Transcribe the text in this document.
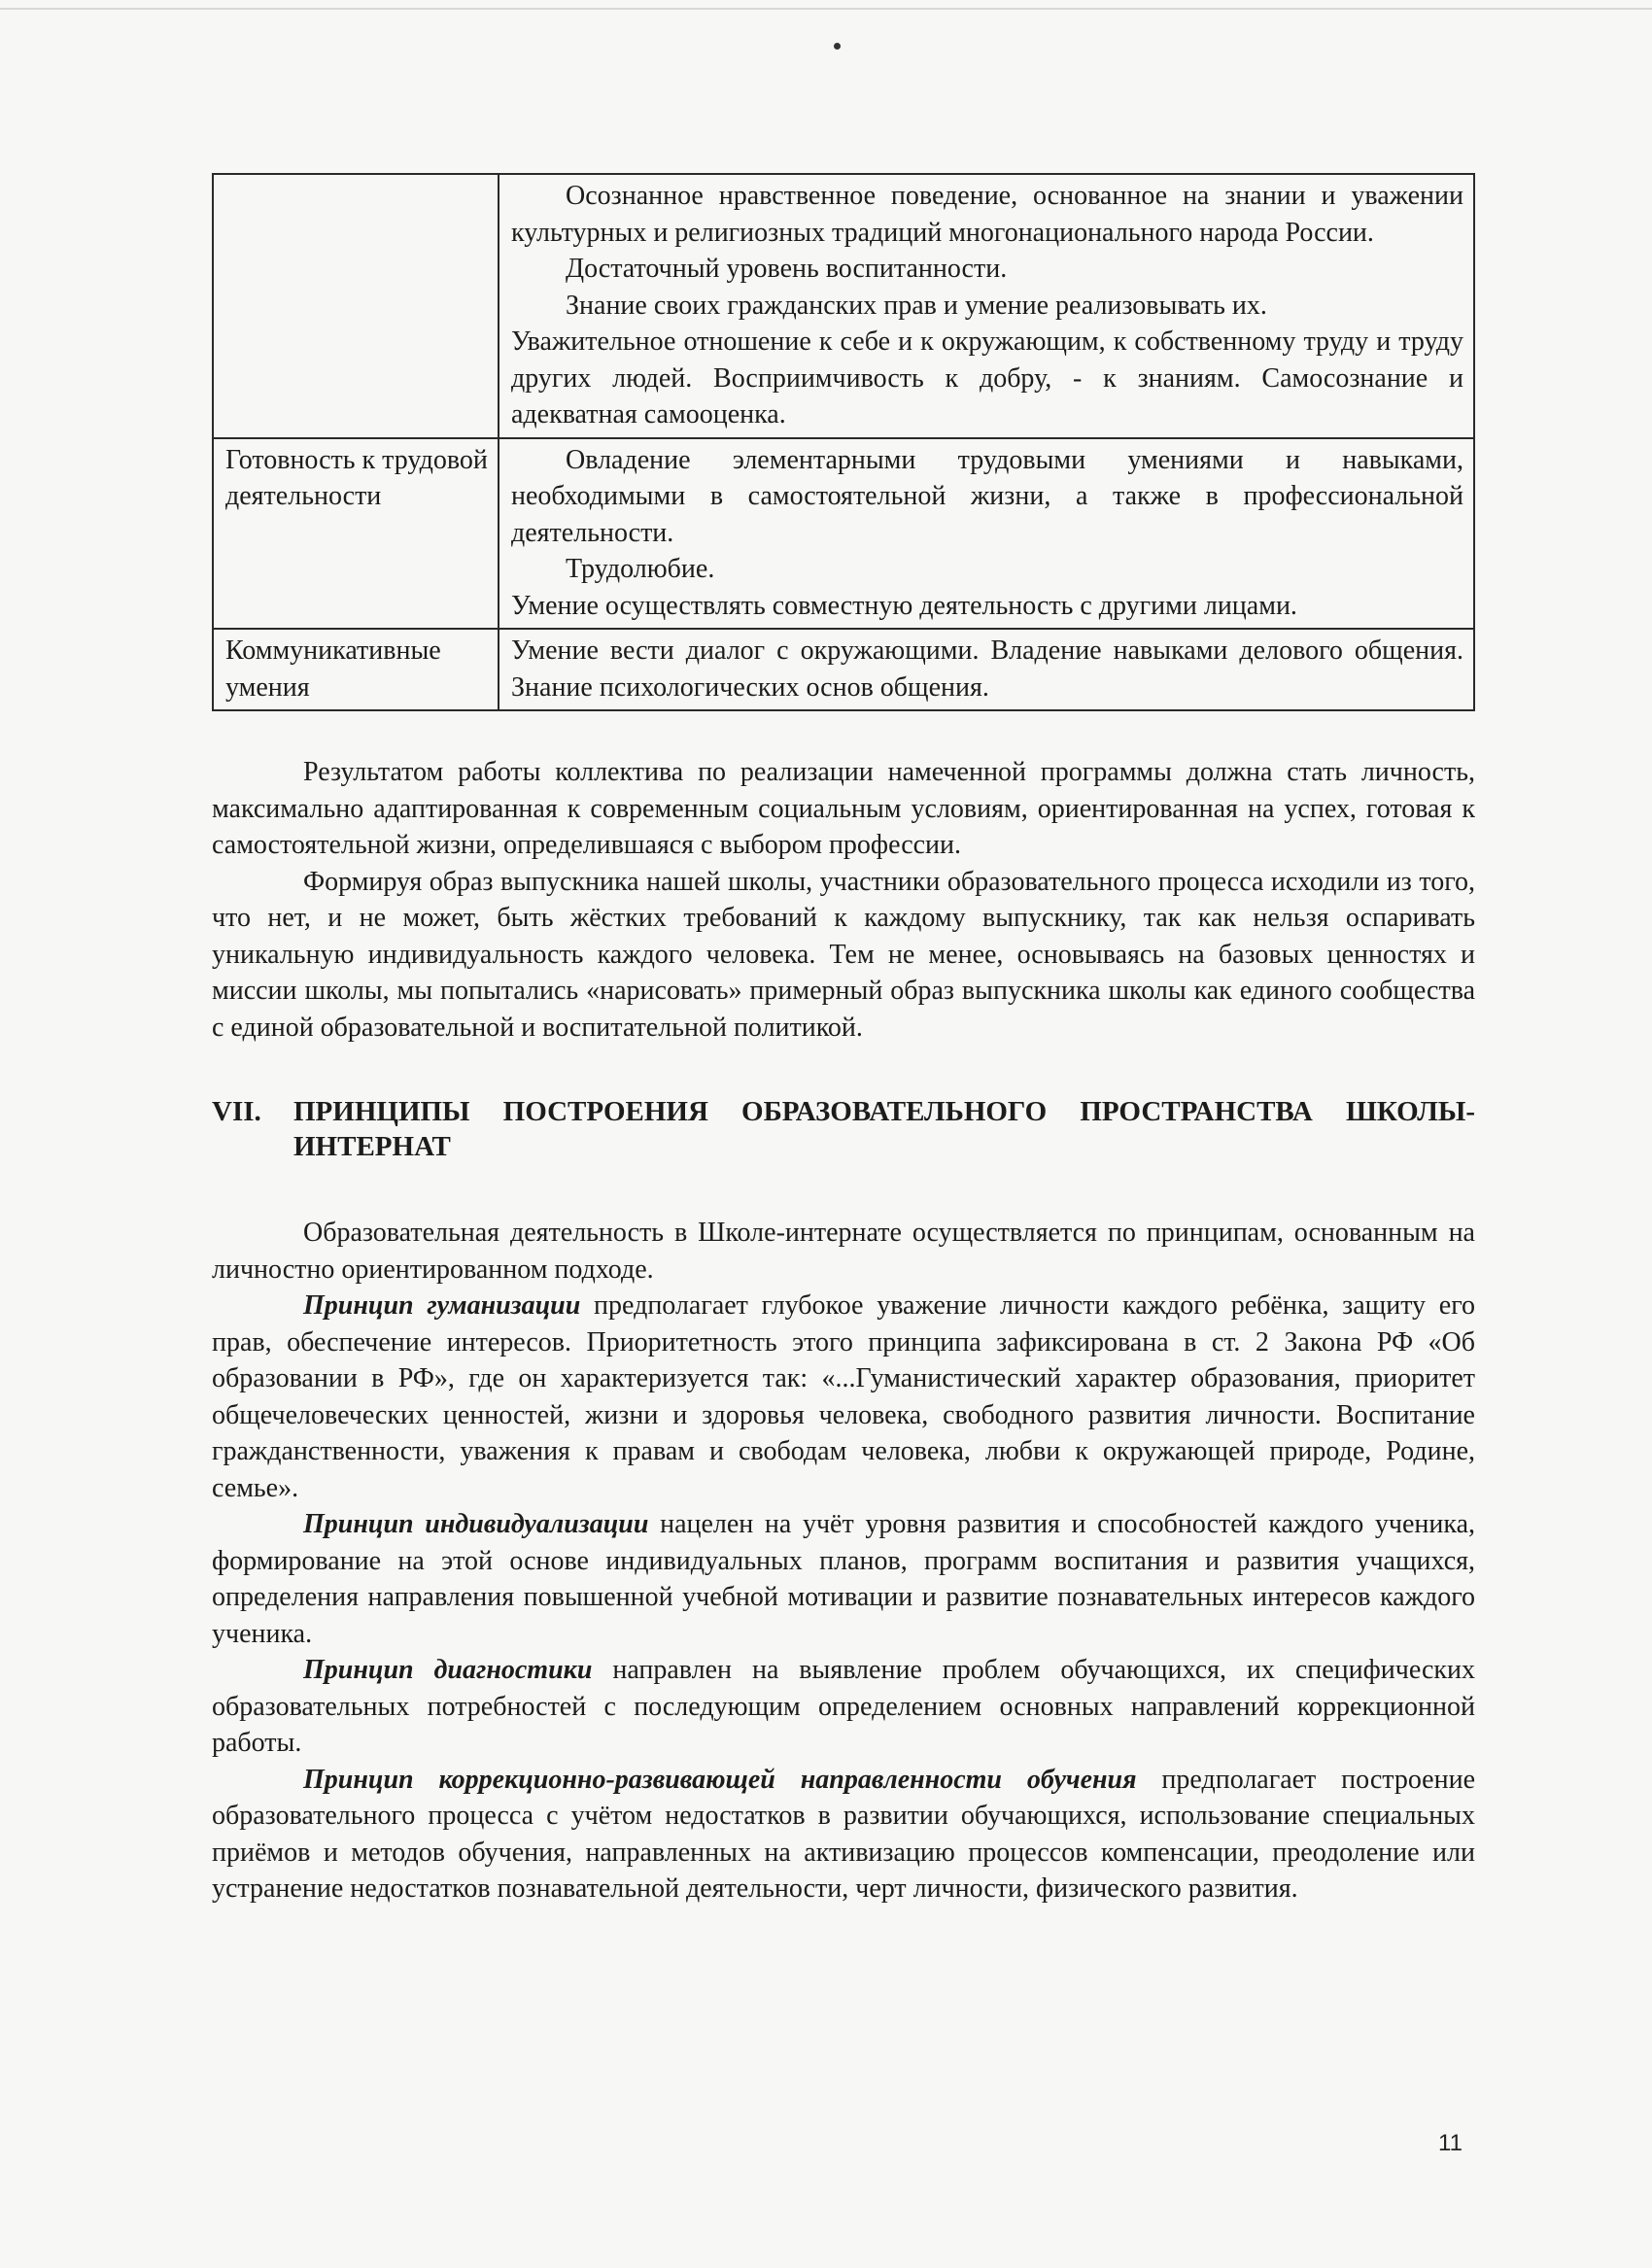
	Осознанное нравственное поведение, основанное на знании и уважении культурных и религиозных традиций многонационального народа России.

Достаточный уровень воспитанности.

Знание своих гражданских прав и умение реализовывать их.

Уважительное отношение к себе и к окружающим, к собственному труду и труду других людей. Восприимчивость к добру, - к знаниям. Самосознание и адекватная самооценка.

Готовность к трудовой деятельности	Овладение элементарными трудовыми умениями и навыками, необходимыми в самостоятельной жизни, а также в профессиональной деятельности.

Трудолюбие.

Умение осуществлять совместную деятельность с другими лицами.

Коммуникативные умения	Умение вести диалог с окружающими. Владение навыками делового общения. Знание психологических основ общения.

Результатом работы коллектива по реализации намеченной программы должна стать личность, максимально адаптированная к современным социальным условиям, ориентированная на успех, готовая к самостоятельной жизни, определившаяся с выбором профессии.

Формируя образ выпускника нашей школы, участники образовательного процесса исходили из того, что нет, и не может, быть жёстких требований к каждому выпускнику, так как нельзя оспаривать уникальную индивидуальность каждого человека. Тем не менее, основываясь на базовых ценностях и миссии школы, мы попытались «нарисовать» примерный образ выпускника школы как единого сообщества с единой образовательной и воспитательной политикой.

VII.	ПРИНЦИПЫ ПОСТРОЕНИЯ ОБРАЗОВАТЕЛЬНОГО ПРОСТРАНСТВА ШКОЛЫ-ИНТЕРНАТ

Образовательная деятельность в Школе-интернате осуществляется по принципам, основанным на личностно ориентированном подходе.

Принцип гуманизации предполагает глубокое уважение личности каждого ребёнка, защиту его прав, обеспечение интересов. Приоритетность этого принципа зафиксирована в ст. 2 Закона РФ «Об образовании в РФ», где он характеризуется так: «...Гуманистический характер образования, приоритет общечеловеческих ценностей, жизни и здоровья человека, свободного развития личности. Воспитание гражданственности, уважения к правам и свободам человека, любви к окружающей природе, Родине, семье».

Принцип индивидуализации нацелен на учёт уровня развития и способностей каждого ученика, формирование на этой основе индивидуальных планов, программ воспитания и развития учащихся, определения направления повышенной учебной мотивации и развитие познавательных интересов каждого ученика.

Принцип диагностики направлен на выявление проблем обучающихся, их специфических образовательных потребностей с последующим определением основных направлений коррекционной работы.

Принцип коррекционно-развивающей направленности обучения предполагает построение образовательного процесса с учётом недостатков в развитии обучающихся, использование специальных приёмов и методов обучения, направленных на активизацию процессов компенсации, преодоление или устранение недостатков познавательной деятельности, черт личности, физического развития.

11
